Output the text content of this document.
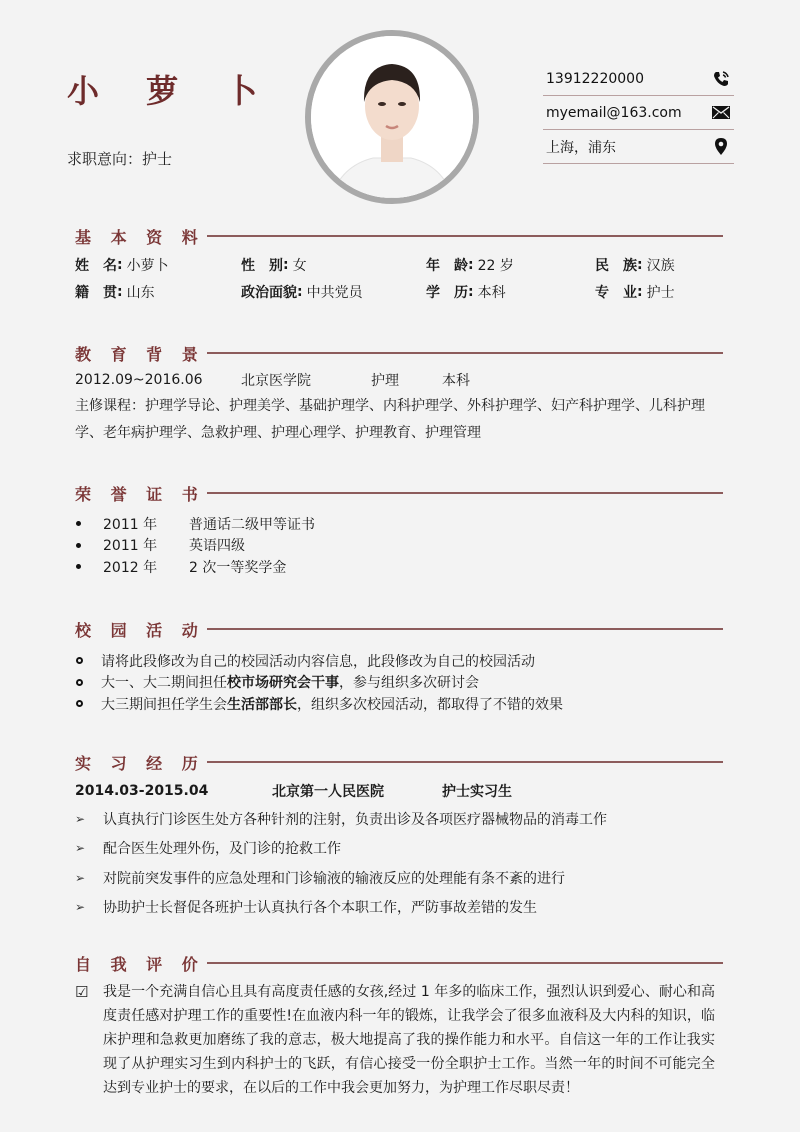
小 萝 卜
求职意向：护士
13912220000
myemail@163.com
上海，浦东
基 本 资 料
姓　名 : 小萝卜	性　别 : 女	年　龄 : 22 岁	民　族 : 汉族
籍　贯 : 山东	政治面貌 : 中共党员	学　历 : 本科	专　业 : 护士
教 育 背 景
2012.09~2016.06	北京医学院	护理	本科
主修课程：护理学导论、护理美学、基础护理学、内科护理学、外科护理学、妇产科护理学、儿科护理学、老年病护理学、急救护理、护理心理学、护理教育、护理管理
荣 誉 证 书
2011 年	普通话二级甲等证书
2011 年	英语四级
2012 年	2 次一等奖学金
校 园 活 动
请将此段修改为自己的校园活动内容信息，此段修改为自己的校园活动
大一、大二期间担任 校市场研究会干事 ，参与组织多次研讨会
大三期间担任学生会 生活部部长 ，组织多次校园活动，都取得了不错的效果
实 习 经 历
2014.03-2015.04	北京第一人民医院	护士实习生
➢	认真执行门诊医生处方各种针剂的注射，负责出诊及各项医疗器械物品的消毒工作
➢	配合医生处理外伤，及门诊的抢救工作
➢	对院前突发事件的应急处理和门诊输液的输液反应的处理能有条不紊的进行
➢	协助护士长督促各班护士认真执行各个本职工作，严防事故差错的发生
自 我 评 价
☑	我是一个充满自信心且具有高度责任感的女孩,经过 1 年多的临床工作，强烈认识到爱心、耐心和高度责任感对护理工作的重要性!在血液内科一年的锻炼，让我学会了很多血液科及大内科的知识，临床护理和急救更加磨练了我的意志，极大地提高了我的操作能力和水平。自信这一年的工作让我实现了从护理实习生到内科护士的飞跃，有信心接受一份全职护士工作。当然一年的时间不可能完全达到专业护士的要求，在以后的工作中我会更加努力，为护理工作尽职尽责！
